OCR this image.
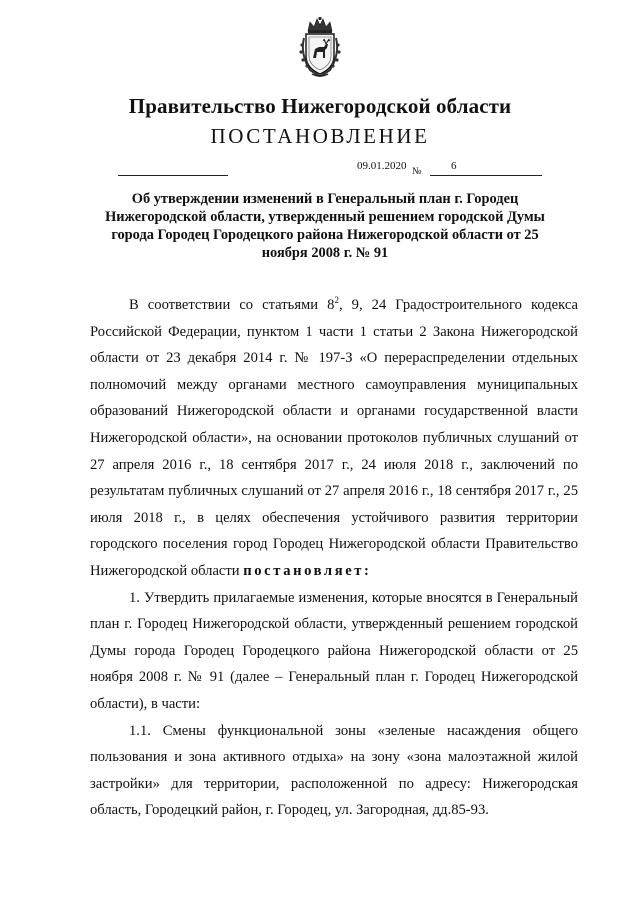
Правительство Нижегородской области
ПОСТАНОВЛЕНИЕ
09.01.2020 №	6
Об утверждении изменений в Генеральный план г. Городец Нижегородской области, утвержденный решением городской Думы города Городец Городецкого района Нижегородской области от 25 ноября 2008 г. № 91

В соответствии со статьями $8^2$, 9, 24 Градостроительного кодекса Российской Федерации, пунктом 1 части 1 статьи 2 Закона Нижегородской области от 23 декабря 2014 г. № 197-З «О перераспределении отдельных полномочий между органами местного самоуправления муниципальных образований Нижегородской области и органами государственной власти Нижегородской области», на основании протоколов публичных слушаний от 27 апреля 2016 г., 18 сентября 2017 г., 24 июля 2018 г., заключений по результатам публичных слушаний от 27 апреля 2016 г., 18 сентября 2017 г., 25 июля 2018 г., в целях обеспечения устойчивого развития территории городского поселения город Городец Нижегородской области Правительство Нижегородской области постановляет:

1. Утвердить прилагаемые изменения, которые вносятся в Генеральный план г. Городец Нижегородской области, утвержденный решением городской Думы города Городец Городецкого района Нижегородской области от 25 ноября 2008 г. № 91 (далее – Генеральный план г. Городец Нижегородской области), в части:

1.1. Смены функциональной зоны «зеленые насаждения общего пользования и зона активного отдыха» на зону «зона малоэтажной жилой застройки» для территории, расположенной по адресу: Нижегородская область, Городецкий район, г. Городец, ул. Загородная, дд.85-93.
